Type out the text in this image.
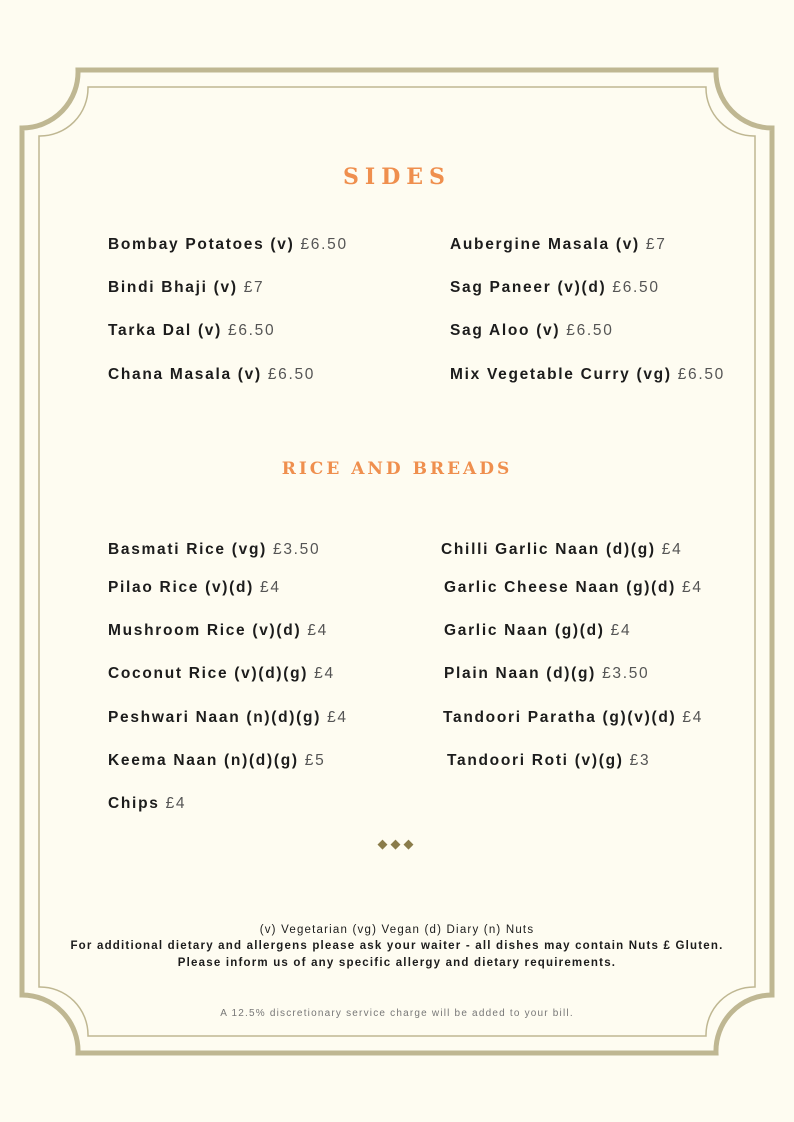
SIDES

Bombay Potatoes (v) £6.50	Aubergine Masala (v) £7

Bindi Bhaji (v) £7	Sag Paneer (v)(d) £6.50

Tarka Dal (v) £6.50	Sag Aloo (v) £6.50

Chana Masala (v) £6.50	Mix Vegetable Curry (vg) £6.50

RICE AND BREADS

Basmati Rice (vg) £3.50	Chilli Garlic Naan (d)(g) £4

Pilao Rice (v)(d) £4	Garlic Cheese Naan (g)(d) £4

Mushroom Rice (v)(d) £4	Garlic Naan (g)(d) £4

Coconut Rice (v)(d)(g) £4	Plain Naan (d)(g) £3.50

Peshwari Naan (n)(d)(g) £4	Tandoori Paratha (g)(v)(d) £4

Keema Naan (n)(d)(g) £5	Tandoori Roti (v)(g) £3

Chips £4

◆◆◆

(v) Vegetarian (vg) Vegan (d) Diary (n) Nuts

For additional dietary and allergens please ask your waiter - all dishes may contain Nuts £ Gluten.

Please inform us of any specific allergy and dietary requirements.

A 12.5% discretionary service charge will be added to your bill.
